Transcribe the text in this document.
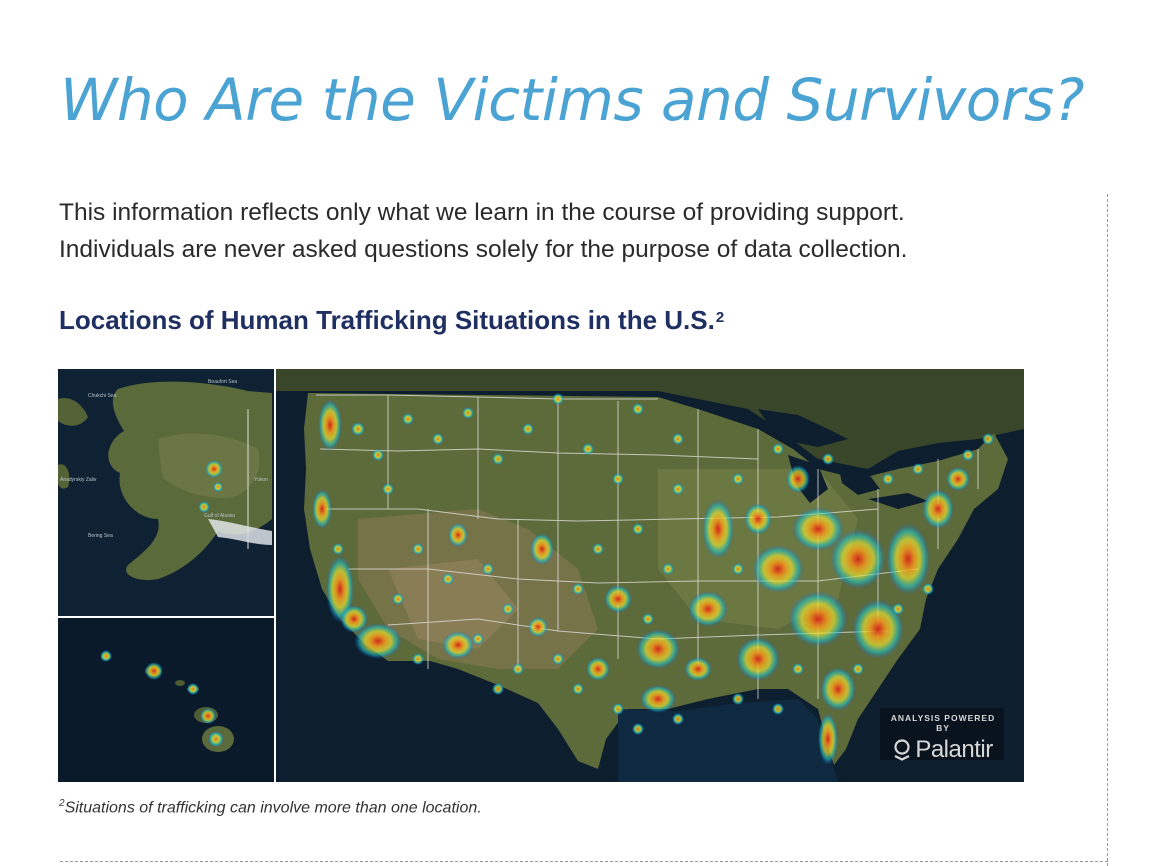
Who Are the Victims and Survivors?

This information reflects only what we learn in the course of providing support.
Individuals are never asked questions solely for the purpose of data collection.

Locations of Human Trafficking Situations in the U.S.$^2$
Chukchi Sea
Beaufort Sea
Bering Sea
Gulf of Alaska
Anadyrskiy Zaliv	Yukon
ANALYSIS POWERED BY
Palantir

$^2$Situations of trafficking can involve more than one location.
